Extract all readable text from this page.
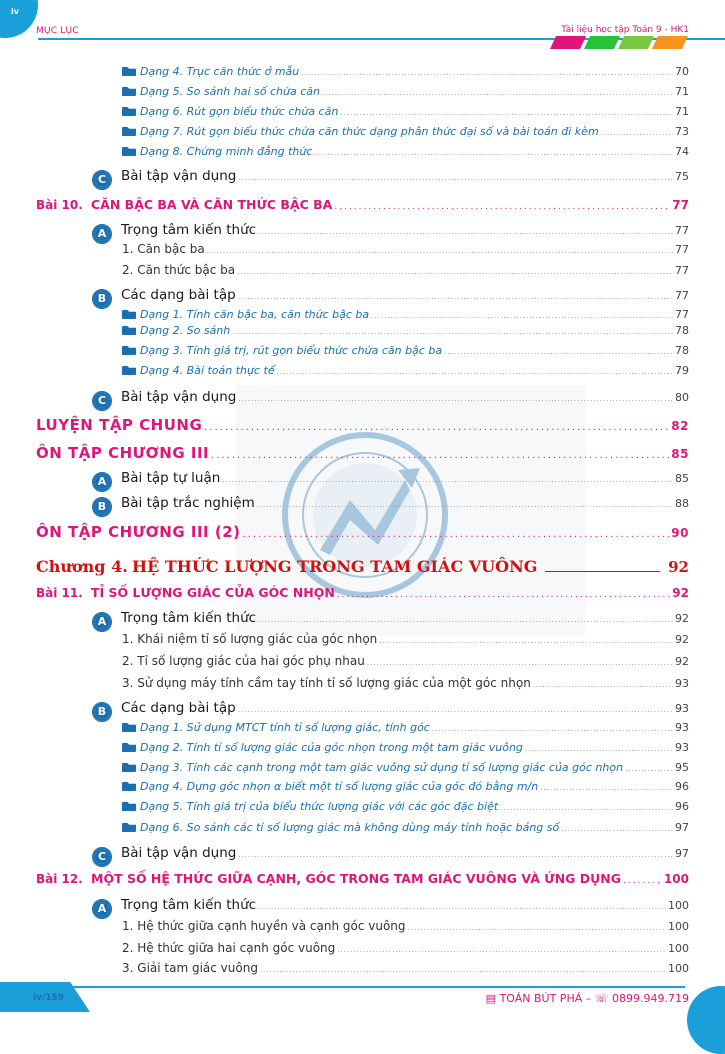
iv
MỤC LỤC	Tài liệu học tập Toán 9 - HK1
Dạng 4. Trục căn thức ở mẫu .....	70
Dạng 5. So sánh hai số chứa căn .....	71
Dạng 6. Rút gọn biểu thức chứa căn .....	71
Dạng 7. Rút gọn biểu thức chứa căn thức dạng phân thức đại số và bài toán đi kèm .....	73
Dạng 8. Chứng minh đẳng thức .....	74
C Bài tập vận dụng .....	75
Bài 10. CĂN BẬC BA VÀ CĂN THỨC BẬC BA .....	77
A Trọng tâm kiến thức .....	77
1. Căn bậc ba .....	77
2. Căn thức bậc ba .....	77
B Các dạng bài tập .....	77
Dạng 1. Tính căn bậc ba, căn thức bậc ba .....	77
Dạng 2. So sánh .....	78
Dạng 3. Tính giá trị, rút gọn biểu thức chứa căn bậc ba .....	78
Dạng 4. Bài toán thực tế .....	79
C Bài tập vận dụng .....	80
LUYỆN TẬP CHUNG .....	82
ÔN TẬP CHƯƠNG III .....	85
A Bài tập tự luận .....	85
B Bài tập trắc nghiệm .....	88
ÔN TẬP CHƯƠNG III (2) .....	90
Chương 4. HỆ THỨC LƯỢNG TRONG TAM GIÁC VUÔNG	92
Bài 11. TỈ SỐ LƯỢNG GIÁC CỦA GÓC NHỌN .....	92
A Trọng tâm kiến thức .....	92
1. Khái niệm tỉ số lượng giác của góc nhọn .....	92
2. Tỉ số lượng giác của hai góc phụ nhau .....	92
3. Sử dụng máy tính cầm tay tính tỉ số lượng giác của một góc nhọn .....	93
B Các dạng bài tập .....	93
Dạng 1. Sử dụng MTCT tính tỉ số lượng giác, tính góc .....	93
Dạng 2. Tính tỉ số lượng giác của góc nhọn trong một tam giác vuông .....	93
Dạng 3. Tính các cạnh trong một tam giác vuông sử dụng tỉ số lượng giác của góc nhọn .....	95
Dạng 4. Dựng góc nhọn α biết một tỉ số lượng giác của góc đó bằng m/n .....	96
Dạng 5. Tính giá trị của biểu thức lượng giác với các góc đặc biệt .....	96
Dạng 6. So sánh các tỉ số lượng giác mà không dùng máy tính hoặc bảng số .....	97
C Bài tập vận dụng .....	97
Bài 12. MỘT SỐ HỆ THỨC GIỮA CẠNH, GÓC TRONG TAM GIÁC VUÔNG VÀ ỨNG DỤNG .....	100
A Trọng tâm kiến thức .....	100
1. Hệ thức giữa cạnh huyền và cạnh góc vuông .....	100
2. Hệ thức giữa hai cạnh góc vuông .....	100
3. Giải tam giác vuông .....	100
iv/159	▤ TOÁN BÚT PHÁ – ☏ 0899.949.719
